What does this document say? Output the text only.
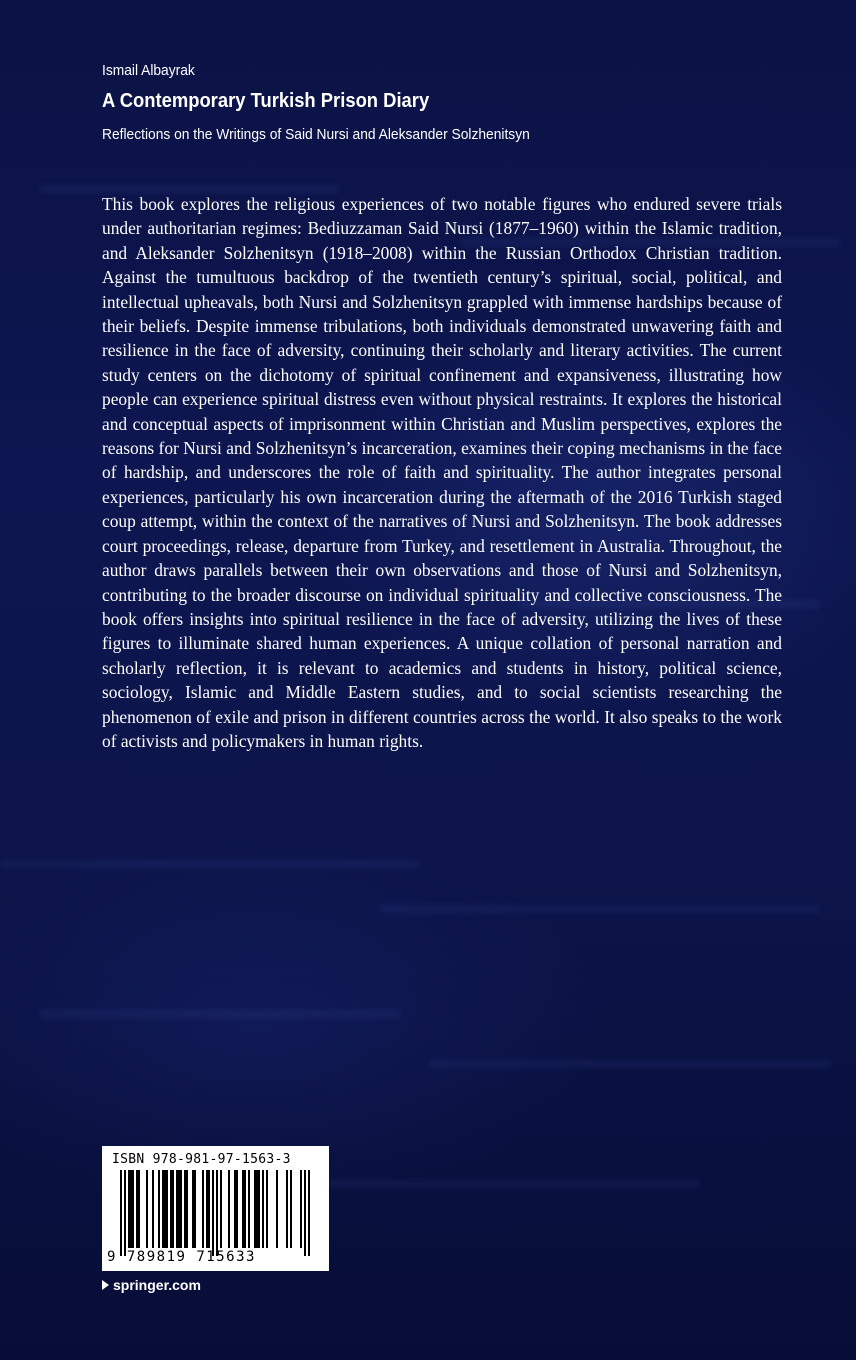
Ismail Albayrak
A Contemporary Turkish Prison Diary
Reflections on the Writings of Said Nursi and Aleksander Solzhenitsyn

This book explores the religious experiences of two notable figures who endured severe trials under authoritarian regimes: Bediuzzaman Said Nursi (1877–1960) within the Islamic tradition, and Aleksander Solzhenitsyn (1918–2008) within the Russian Orthodox Christian tradition. Against the tumultuous backdrop of the twentieth century’s spiritual, social, political, and intellectual upheavals, both Nursi and Solzhenitsyn grappled with immense hardships because of their beliefs. Despite immense tribulations, both individuals demonstrated unwavering faith and resilience in the face of adversity, continuing their scholarly and literary activities. The current study centers on the dichotomy of spiritual confinement and expansiveness, illustrating how people can experience spiritual distress even without physical restraints. It explores the historical and conceptual aspects of imprisonment within Christian and Muslim perspectives, explores the reasons for Nursi and Solzhenitsyn’s incarceration, examines their coping mechanisms in the face of hardship, and underscores the role of faith and spirituality. The author integrates personal experiences, particularly his own incarceration during the aftermath of the 2016 Turkish staged coup attempt, within the context of the narratives of Nursi and Solzhenitsyn. The book addresses court proceedings, release, departure from Turkey, and resettlement in Australia. Throughout, the author draws parallels between their own observations and those of Nursi and Solzhenitsyn, contributing to the broader discourse on individual spirituality and collective consciousness. The book offers insights into spiritual resilience in the face of adversity, utilizing the lives of these figures to illuminate shared human experiences. A unique collation of personal narration and scholarly reflection, it is relevant to academics and students in history, political science, sociology, Islamic and Middle Eastern studies, and to social scientists researching the phenomenon of exile and prison in different countries across the world. It also speaks to the work of activists and policymakers in human rights.

ISBN 978-981-97-1563-3
9 789819 715633
springer.com
